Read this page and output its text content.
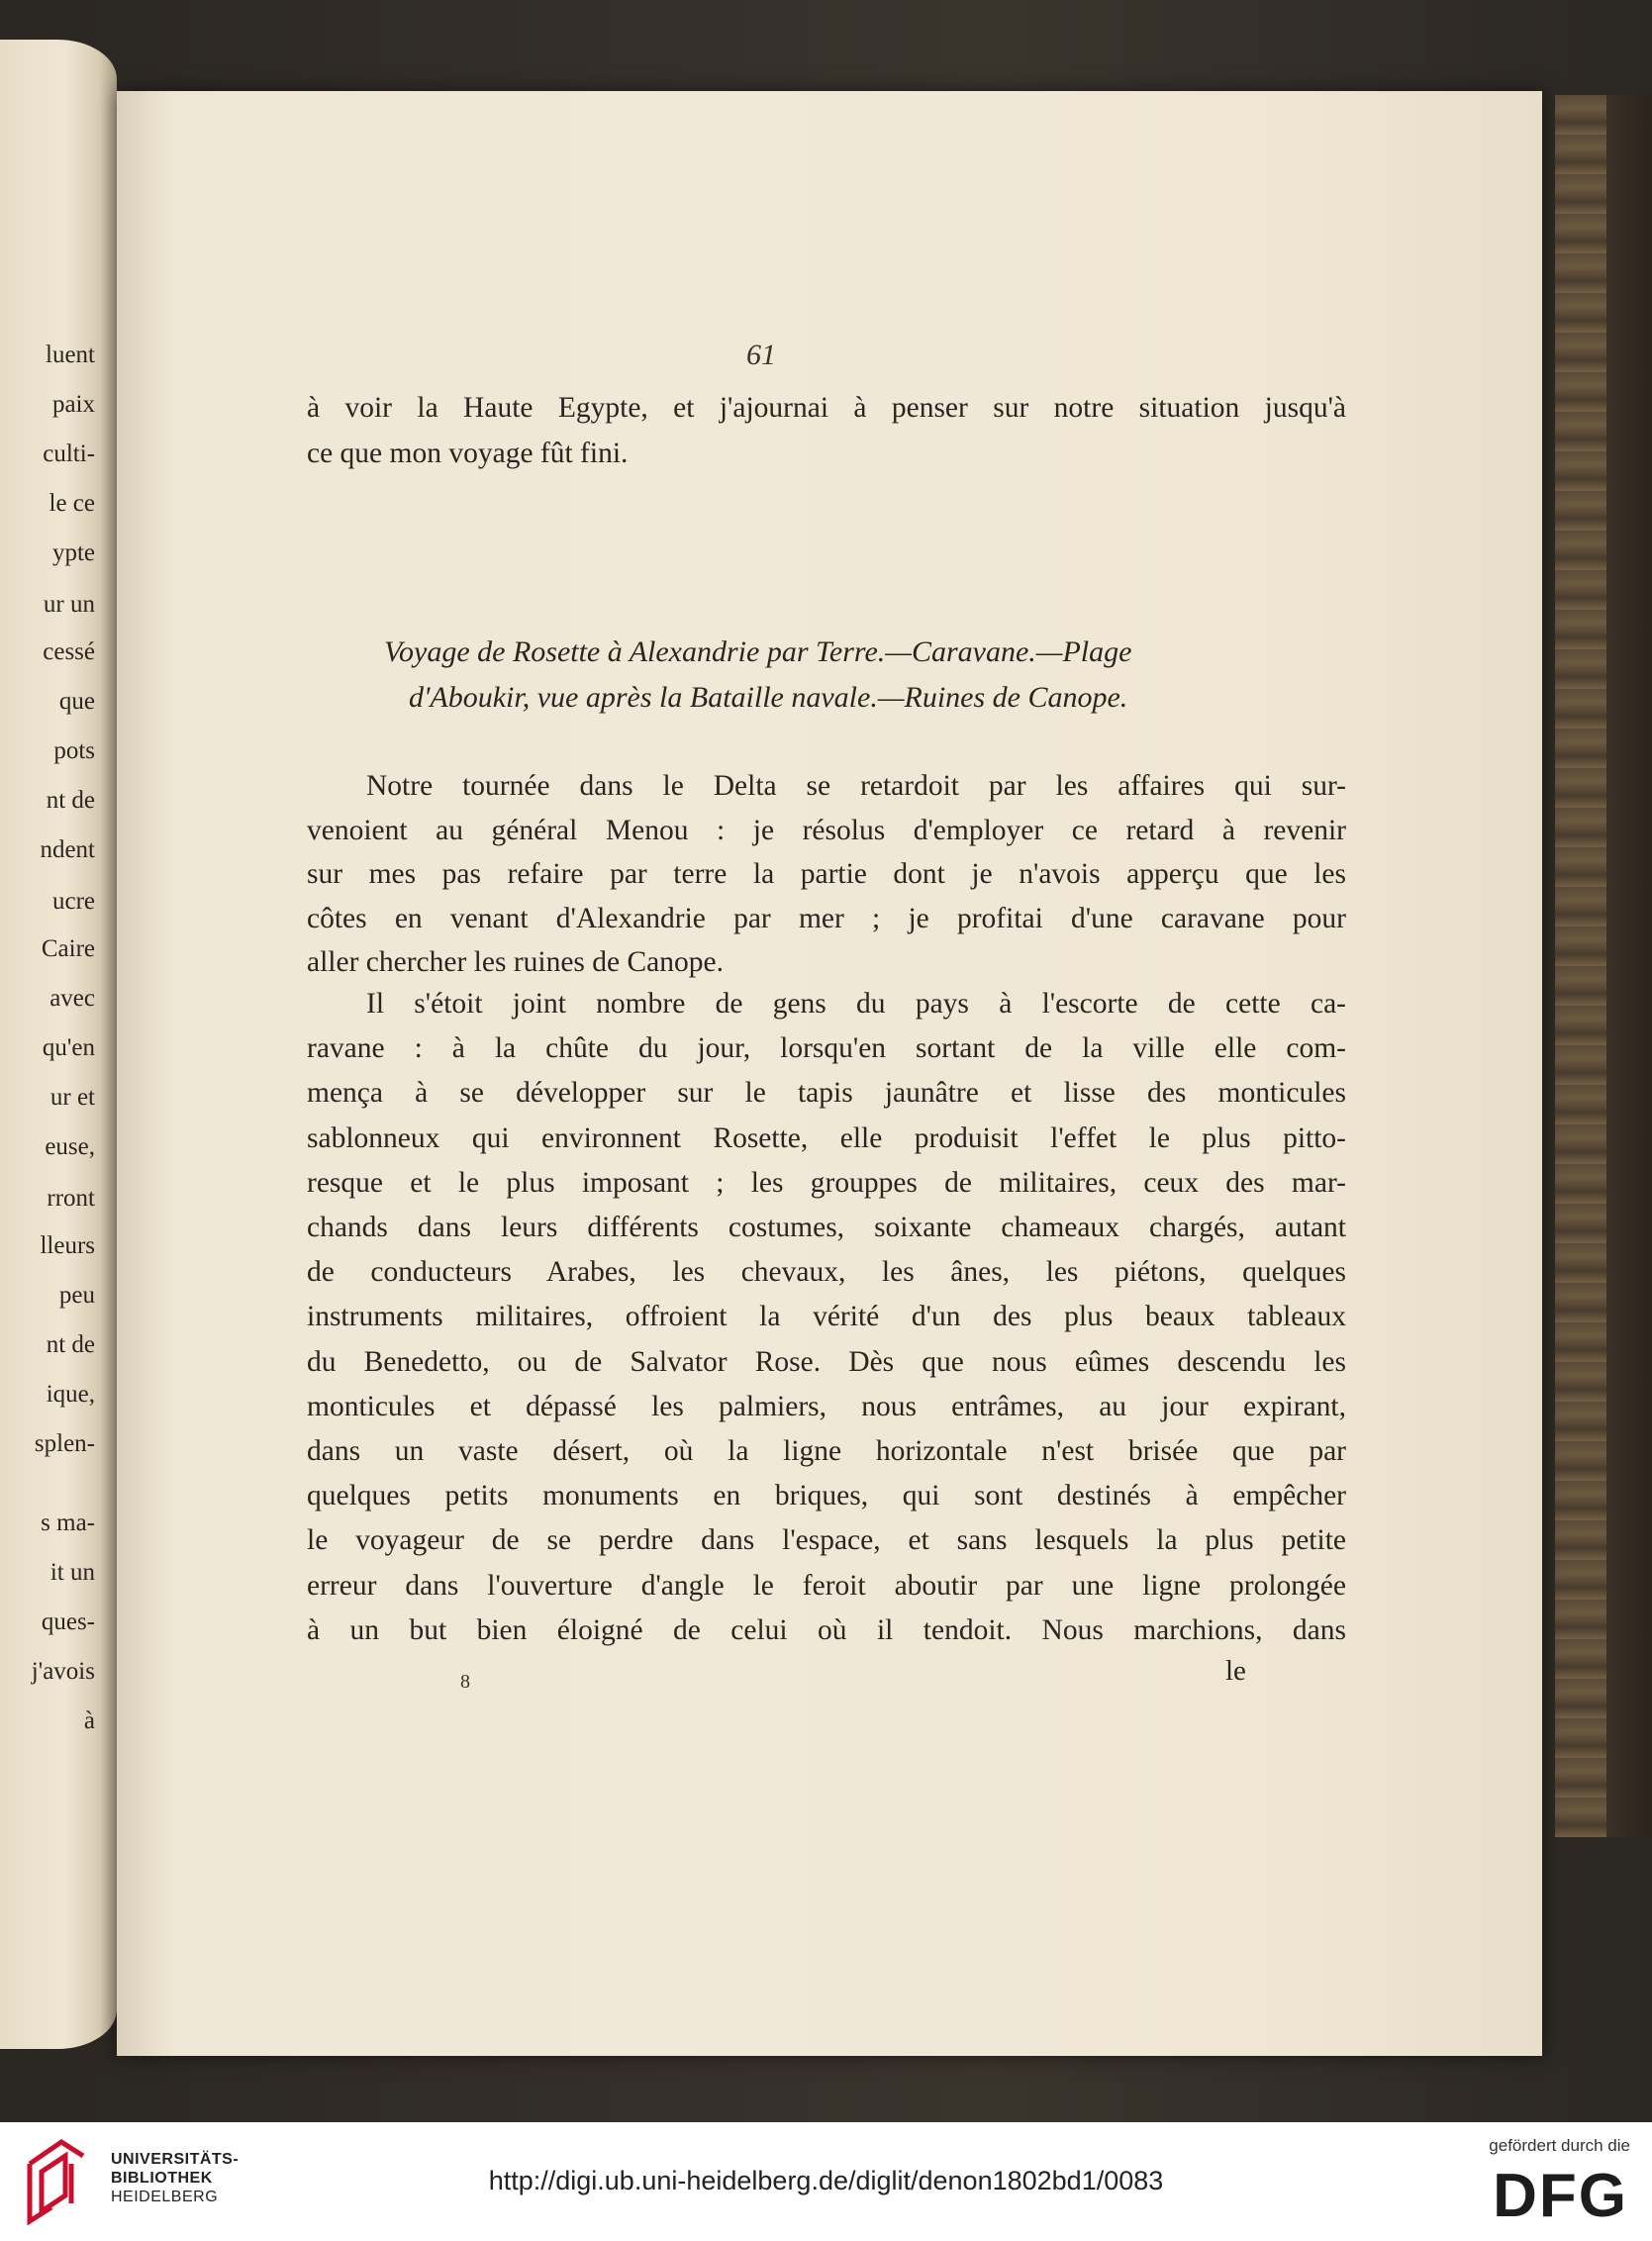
luent
paix
culti-
le ce
ypte
ur un
cessé
que
pots
nt de
ndent
ucre
Caire
avec
qu'en
ur et
euse,
rront
lleurs
peu
nt de
ique,
splen-
s ma-
it un
ques-
j'avois
à
61
Voyage de Rosette à Alexandrie par Terre.—Caravane.—Plage
d'Aboukir, vue après la Bataille navale.—Ruines de Canope.
8	le
à voir la Haute Egypte, et j'ajournai à penser sur notre situation jusqu'à
ce que mon voyage fût fini.
Notre tournée dans le Delta se retardoit par les affaires qui sur-
venoient au général Menou : je résolus d'employer ce retard à revenir
sur mes pas refaire par terre la partie dont je n'avois apperçu que les
côtes en venant d'Alexandrie par mer ; je profitai d'une caravane pour
aller chercher les ruines de Canope.
Il s'étoit joint nombre de gens du pays à l'escorte de cette ca-
ravane : à la chûte du jour, lorsqu'en sortant de la ville elle com-
mença à se développer sur le tapis jaunâtre et lisse des monticules
sablonneux qui environnent Rosette, elle produisit l'effet le plus pitto-
resque et le plus imposant ; les grouppes de militaires, ceux des mar-
chands dans leurs différents costumes, soixante chameaux chargés, autant
de conducteurs Arabes, les chevaux, les ânes, les piétons, quelques
instruments militaires, offroient la vérité d'un des plus beaux tableaux
du Benedetto, ou de Salvator Rose. Dès que nous eûmes descendu les
monticules et dépassé les palmiers, nous entrâmes, au jour expirant,
dans un vaste désert, où la ligne horizontale n'est brisée que par
quelques petits monuments en briques, qui sont destinés à empêcher
le voyageur de se perdre dans l'espace, et sans lesquels la plus petite
erreur dans l'ouverture d'angle le feroit aboutir par une ligne prolongée
à un but bien éloigné de celui où il tendoit. Nous marchions, dans
UNIVERSITÄTS-
BIBLIOTHEK
HEIDELBERG
http://digi.ub.uni-heidelberg.de/diglit/denon1802bd1/0083
gefördert durch die
DFG
